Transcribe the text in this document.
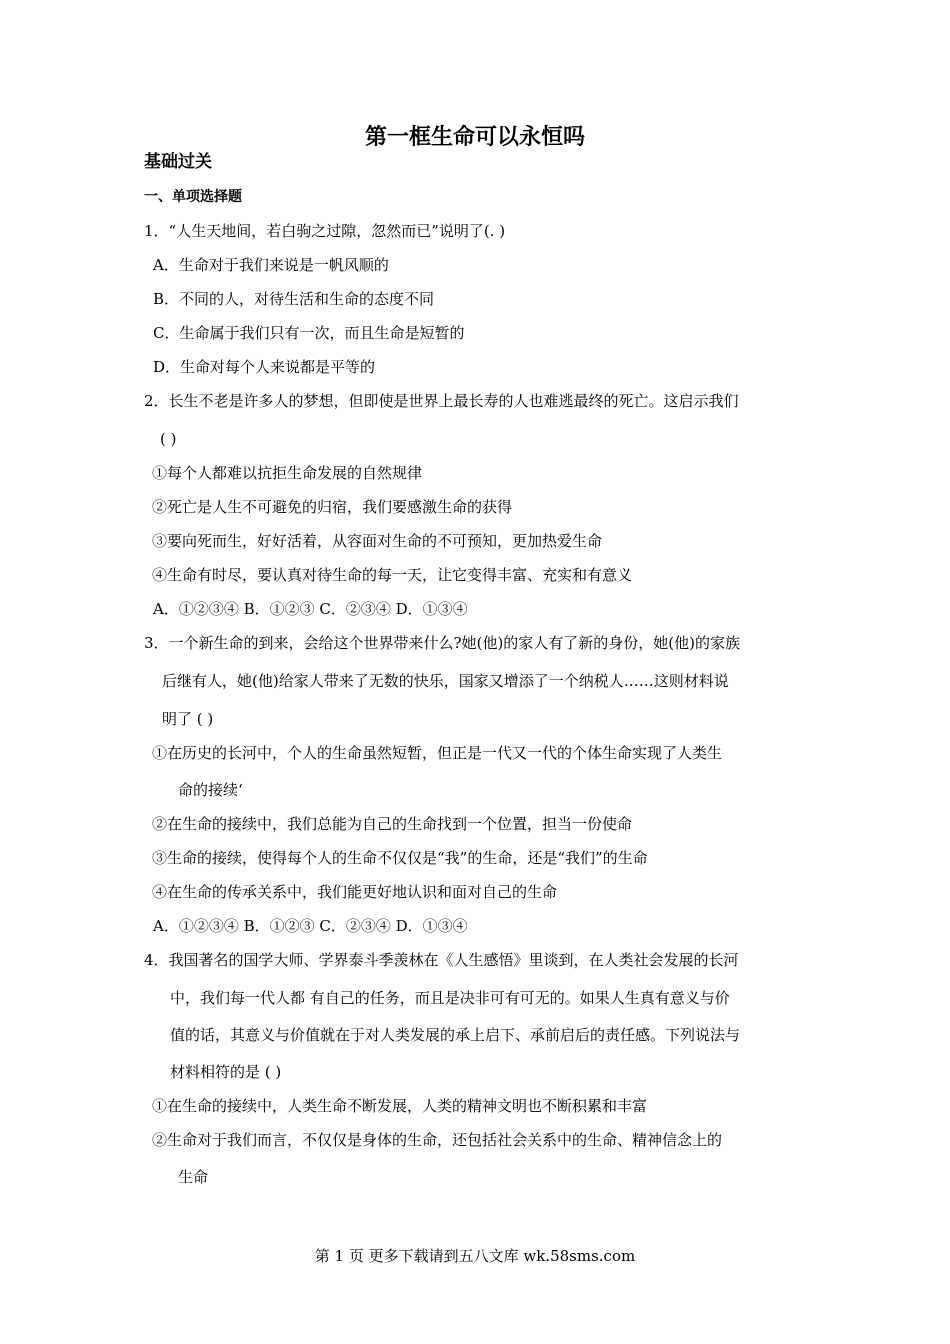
第一框生命可以永恒吗
基础过关
一、单项选择题
1．“人生天地间，若白驹之过隙，忽然而已”说明了(. )
A．生命对于我们来说是一帆风顺的
B．不同的人，对待生活和生命的态度不同
C．生命属于我们只有一次，而且生命是短暂的
D．生命对每个人来说都是平等的
2．长生不老是许多人的梦想，但即使是世界上最长寿的人也难逃最终的死亡。这启示我们
( )
①每个人都难以抗拒生命发展的自然规律
②死亡是人生不可避免的归宿，我们要感激生命的获得
③要向死而生，好好活着，从容面对生命的不可预知，更加热爱生命
④生命有时尽，要认真对待生命的每一天，让它变得丰富、充实和有意义
A．①②③④ B．①②③ C．②③④ D．①③④
3．一个新生命的到来，会给这个世界带来什么?她(他)的家人有了新的身份，她(他)的家族
后继有人，她(他)给家人带来了无数的快乐，国家又增添了一个纳税人……这则材料说
明了 ( )
①在历史的长河中，个人的生命虽然短暂，但正是一代又一代的个体生命实现了人类生
命的接续‘
②在生命的接续中，我们总能为自己的生命找到一个位置，担当一份使命
③生命的接续，使得每个人的生命不仅仅是“我”的生命，还是“我们”的生命
④在生命的传承关系中，我们能更好地认识和面对自己的生命
A．①②③④ B．①②③ C．②③④ D．①③④
4．我国著名的国学大师、学界泰斗季羡林在《人生感悟》里谈到，在人类社会发展的长河
中，我们每一代人都 有自己的任务，而且是决非可有可无的。如果人生真有意义与价
值的话，其意义与价值就在于对人类发展的承上启下、承前启后的责任感。下列说法与
材料相符的是 ( )
①在生命的接续中，人类生命不断发展，人类的精神文明也不断积累和丰富
②生命对于我们而言，不仅仅是身体的生命，还包括社会关系中的生命、精神信念上的
生命
第 1 页 更多下载请到五八文库 wk.58sms.com
